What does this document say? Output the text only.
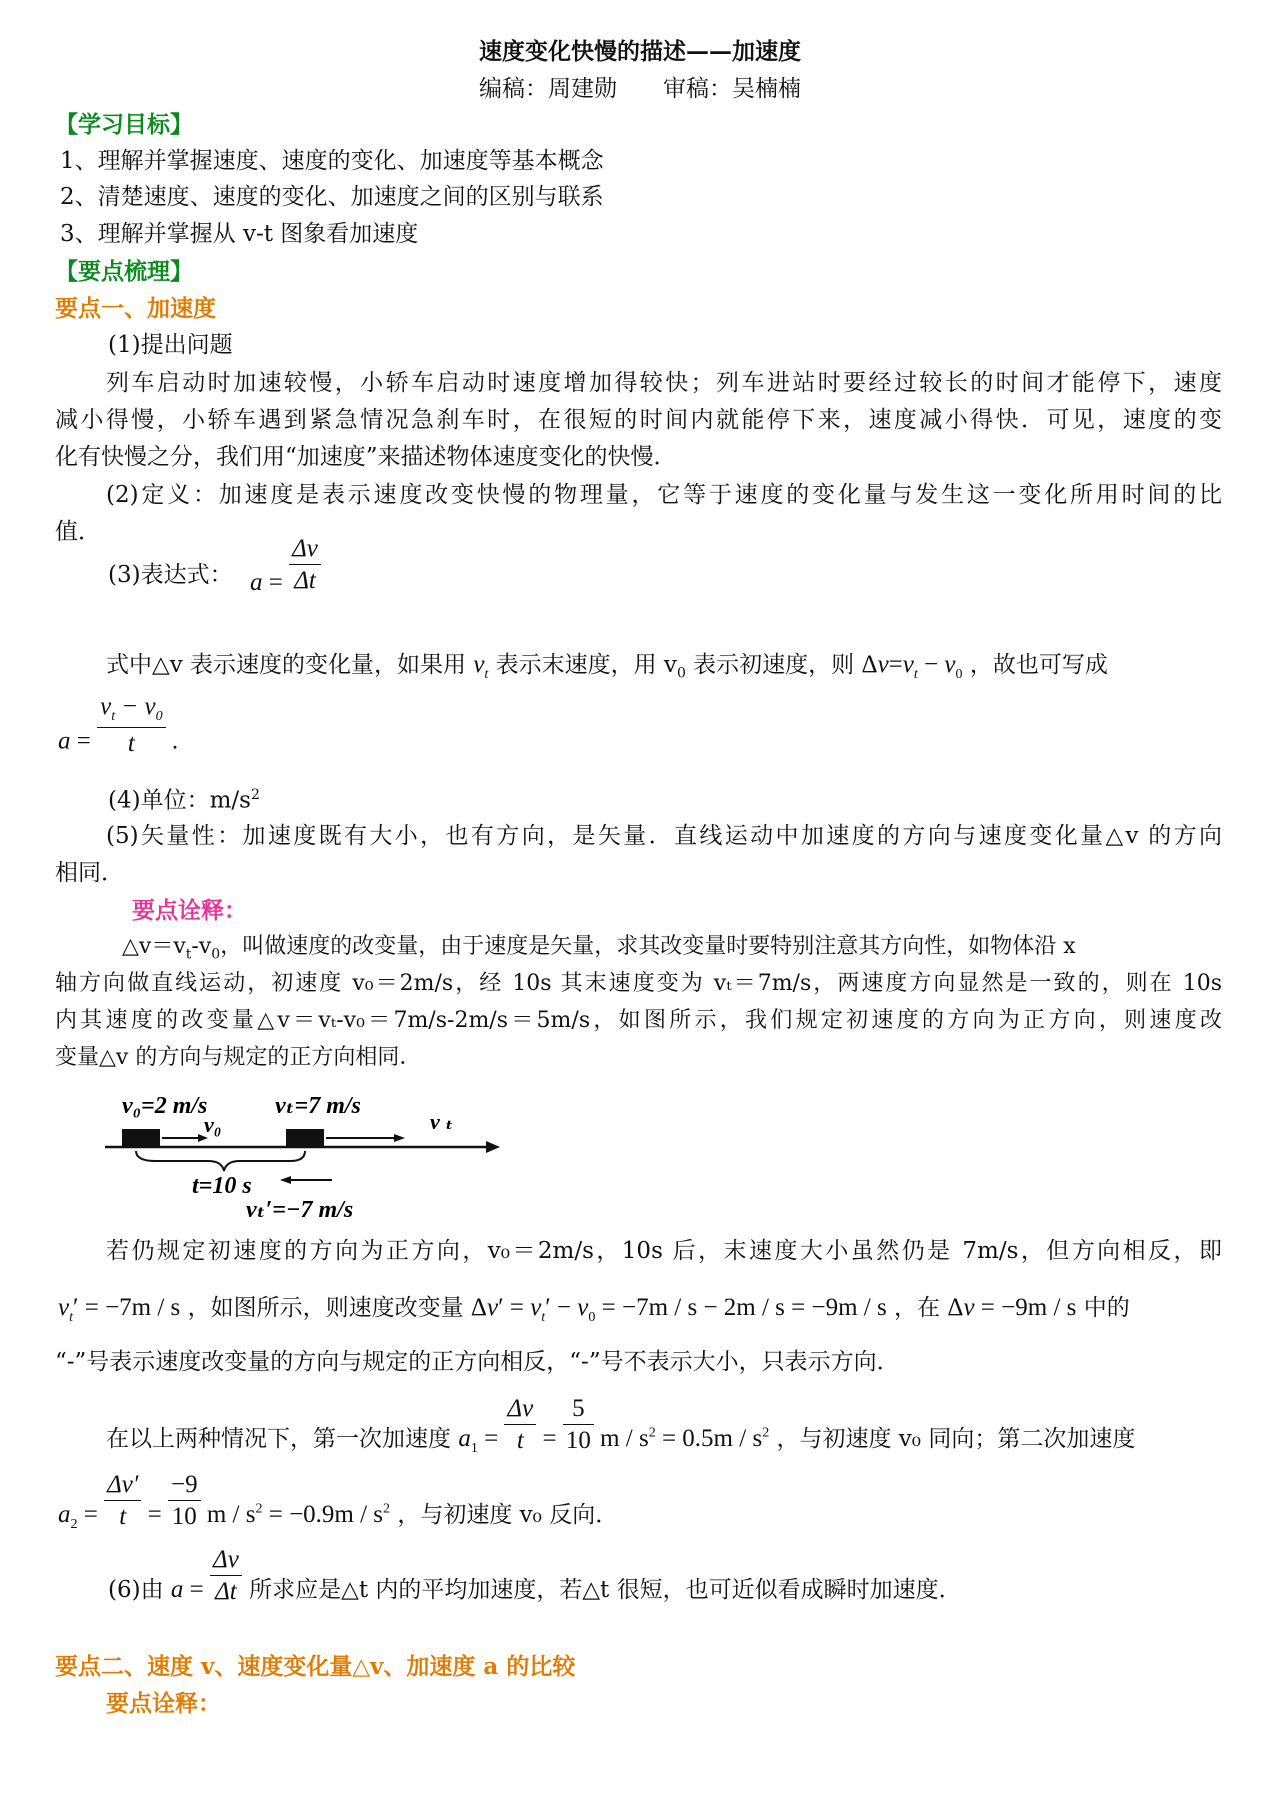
速度变化快慢的描述——加速度
编稿：周建勋　　审稿：吴楠楠
【学习目标】
1、理解并掌握速度、速度的变化、加速度等基本概念
2、清楚速度、速度的变化、加速度之间的区别与联系
3、理解并掌握从 v-t 图象看加速度
【要点梳理】
要点一、加速度
(1)提出问题
列车启动时加速较慢，小轿车启动时速度增加得较快；列车进站时要经过较长的时间才能停下，速度
减小得慢，小轿车遇到紧急情况急刹车时，在很短的时间内就能停下来，速度减小得快．可见，速度的变
化有快慢之分，我们用“加速度”来描述物体速度变化的快慢．
(2)定义：加速度是表示速度改变快慢的物理量，它等于速度的变化量与发生这一变化所用时间的比
值．
(3)表达式： $a = \frac{\Delta v}{\Delta t}$
式中△v 表示速度的变化量，如果用 $v_t$ 表示末速度，用 $v_0$ 表示初速度，则 $\Delta v=v_t - v_0$ ，故也可写成
$a = \frac{v_t - v_0}{t}$ .
(4)单位：$m/s^2$
(5)矢量性：加速度既有大小，也有方向，是矢量．直线运动中加速度的方向与速度变化量△v 的方向
相同．
要点诠释：
$\triangle v=v_t-v_0$，叫做速度的改变量，由于速度是矢量，求其改变量时要特别注意其方向性，如物体沿 x
轴方向做直线运动，初速度 v₀＝2m/s，经 10s 其末速度变为 vₜ＝7m/s，两速度方向显然是一致的，则在 10s
内其速度的改变量△v＝vₜ-v₀＝7m/s-2m/s＝5m/s，如图所示，我们规定初速度的方向为正方向，则速度改
变量△v 的方向与规定的正方向相同．
v₀=2 m/s	vₜ=7 m/s
v₀	v ₜ
t=10 s
vₜ′=−7 m/s
若仍规定初速度的方向为正方向，v₀＝2m/s，10s 后，末速度大小虽然仍是 7m/s，但方向相反，即
$v_t' = -7m / s$ ，如图所示，则速度改变量 $\Delta v' = v_t' - v_0 = -7m / s - 2m / s = -9m / s$ ，在 Δv = −9m / s 中的
“-”号表示速度改变量的方向与规定的正方向相反，“-”号不表示大小，只表示方向．
在以上两种情况下，第一次加速度 $a_1 = \frac{\Delta v}{t} = \frac{5}{10}$ $m / s^2 = 0.5m / s^2$ ，与初速度 v₀ 同向；第二次加速度
$a_2 = \frac{\Delta v'}{t} = \frac{-9}{10}$ $m / s^2 = -0.9m / s^2$ ，与初速度 v₀ 反向．
(6)由 $a = \frac{\Delta v}{\Delta t}$ 所求应是△t 内的平均加速度，若△t 很短，也可近似看成瞬时加速度．
要点二、速度 v、速度变化量△v、加速度 a 的比较
要点诠释：
